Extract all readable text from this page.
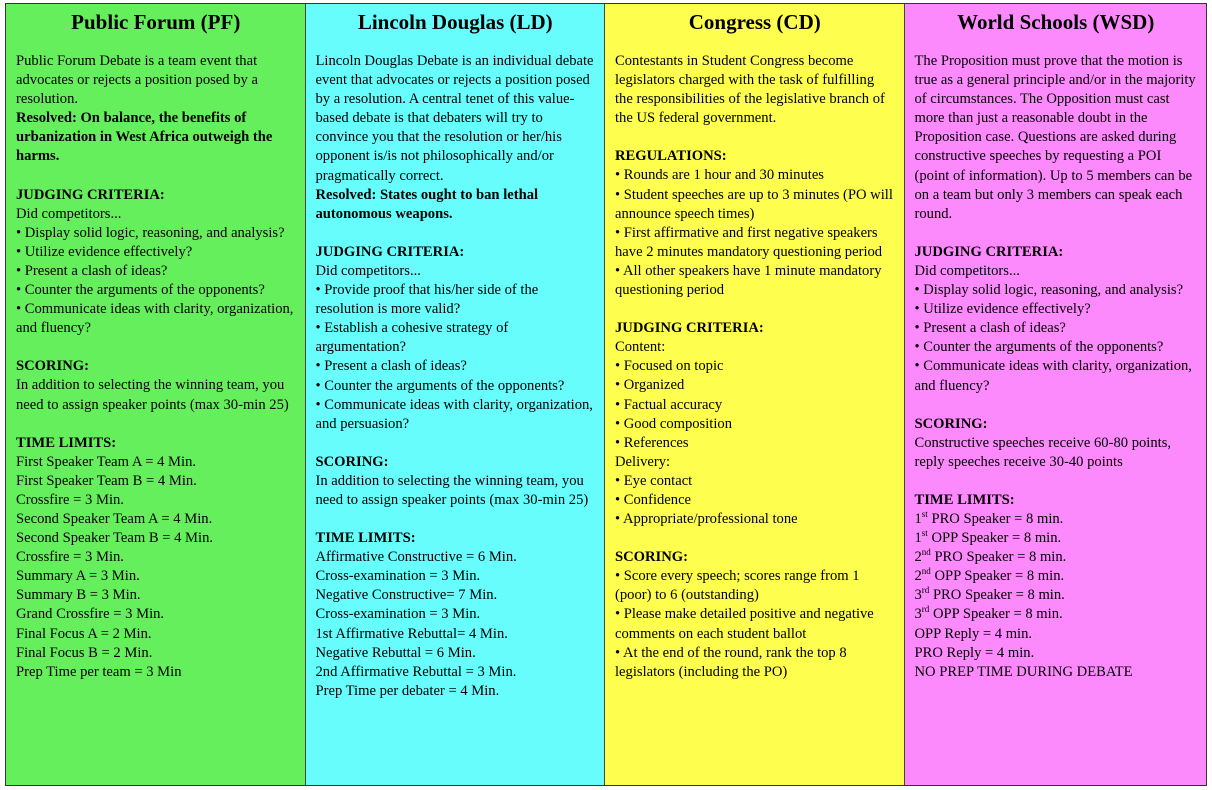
Public Forum (PF)

Public Forum Debate is a team event that advocates or rejects a position posed by a resolution.

Resolved: On balance, the benefits of urbanization in West Africa outweigh the harms.

JUDGING CRITERIA:

Did competitors...
• Display solid logic, reasoning, and analysis?
• Utilize evidence effectively?
• Present a clash of ideas?
• Counter the arguments of the opponents?
• Communicate ideas with clarity, organization, and fluency?

SCORING:

In addition to selecting the winning team, you need to assign speaker points (max 30-min 25)

TIME LIMITS:

First Speaker Team A = 4 Min.
First Speaker Team B = 4 Min.
Crossfire = 3 Min.
Second Speaker Team A = 4 Min.
Second Speaker Team B = 4 Min.
Crossfire = 3 Min.
Summary A = 3 Min.
Summary B = 3 Min.
Grand Crossfire = 3 Min.
Final Focus A = 2 Min.
Final Focus B = 2 Min.
Prep Time per team = 3 Min
Lincoln Douglas (LD)

Lincoln Douglas Debate is an individual debate event that advocates or rejects a position posed by a resolution. A central tenet of this value-based debate is that debaters will try to convince you that the resolution or her/his opponent is/is not philosophically and/or pragmatically correct.

Resolved: States ought to ban lethal autonomous weapons.

JUDGING CRITERIA:

Did competitors...
• Provide proof that his/her side of the resolution is more valid?
• Establish a cohesive strategy of argumentation?
• Present a clash of ideas?
• Counter the arguments of the opponents?
• Communicate ideas with clarity, organization, and persuasion?

SCORING:

In addition to selecting the winning team, you need to assign speaker points (max 30-min 25)

TIME LIMITS:

Affirmative Constructive = 6 Min.
Cross-examination = 3 Min.
Negative Constructive= 7 Min.
Cross-examination = 3 Min.
1st Affirmative Rebuttal= 4 Min.
Negative Rebuttal = 6 Min.
2nd Affirmative Rebuttal = 3 Min.
Prep Time per debater = 4 Min.
Congress (CD)

Contestants in Student Congress become legislators charged with the task of fulfilling the responsibilities of the legislative branch of the US federal government.

REGULATIONS:

• Rounds are 1 hour and 30 minutes
• Student speeches are up to 3 minutes (PO will announce speech times)
• First affirmative and first negative speakers have 2 minutes mandatory questioning period
• All other speakers have 1 minute mandatory questioning period

JUDGING CRITERIA:

Content:
• Focused on topic
• Organized
• Factual accuracy
• Good composition
• References
Delivery:
• Eye contact
• Confidence
• Appropriate/professional tone

SCORING:

• Score every speech; scores range from 1 (poor) to 6 (outstanding)
• Please make detailed positive and negative comments on each student ballot
• At the end of the round, rank the top 8 legislators (including the PO)
World Schools (WSD)

The Proposition must prove that the motion is true as a general principle and/or in the majority of circumstances. The Opposition must cast more than just a reasonable doubt in the Proposition case. Questions are asked during constructive speeches by requesting a POI (point of information). Up to 5 members can be on a team but only 3 members can speak each round.

JUDGING CRITERIA:

Did competitors...
• Display solid logic, reasoning, and analysis?
• Utilize evidence effectively?
• Present a clash of ideas?
• Counter the arguments of the opponents?
• Communicate ideas with clarity, organization, and fluency?

SCORING:

Constructive speeches receive 60-80 points, reply speeches receive 30-40 points

TIME LIMITS:

1st PRO Speaker = 8 min.
1st OPP Speaker = 8 min.
2nd PRO Speaker = 8 min.
2nd OPP Speaker = 8 min.
3rd PRO Speaker = 8 min.
3rd OPP Speaker = 8 min.
OPP Reply = 4 min.
PRO Reply = 4 min.
NO PREP TIME DURING DEBATE
